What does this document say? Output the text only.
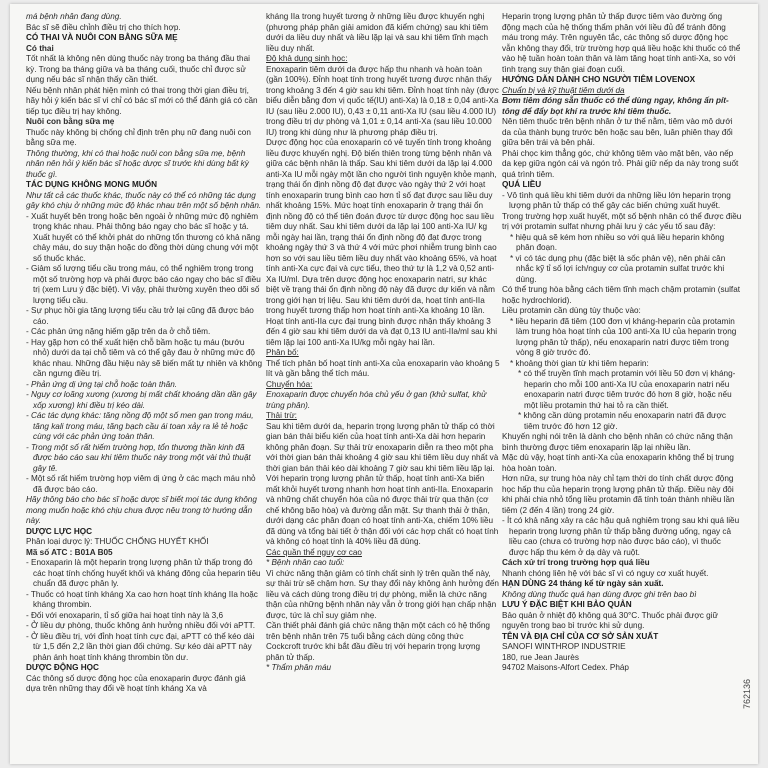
má bệnh nhân đang dùng.

Bác sĩ sẽ điều chỉnh điều trị cho thích hợp.

CÓ THAI VÀ NUÔI CON BẰNG SỮA MẸ

Có thai

Tốt nhất là không nên dùng thuốc này trong ba tháng đầu thai kỳ. Trong ba tháng giữa và ba tháng cuối, thuốc chỉ được sử dụng nếu bác sĩ nhận thấy cần thiết.

Nếu bệnh nhân phát hiện mình có thai trong thời gian điều trị, hãy hỏi ý kiến bác sĩ vì chỉ có bác sĩ mới có thể đánh giá có cần tiếp tục điều trị hay không.

Nuôi con bằng sữa mẹ

Thuốc này không bị chống chỉ định trên phụ nữ đang nuôi con bằng sữa mẹ.

Thông thường, khi có thai hoặc nuôi con bằng sữa mẹ, bệnh nhân nên hỏi ý kiến bác sĩ hoặc dược sĩ trước khi dùng bất kỳ thuốc gì.

TÁC DỤNG KHÔNG MONG MUỐN

Như tất cả các thuốc khác, thuốc này có thể có những tác dụng gây khó chịu ở những mức độ khác nhau trên một số bệnh nhân.

- Xuất huyết bên trong hoặc bên ngoài ở những mức độ nghiêm trọng khác nhau. Phải thông báo ngay cho bác sĩ hoặc y tá. Xuất huyết có thể khởi phát do những tổn thương có khả năng chảy máu, do suy thận hoặc do đồng thời dùng chung với một số thuốc khác.

- Giảm số lượng tiểu cầu trong máu, có thể nghiêm trọng trong một số trường hợp và phải được báo cáo ngay cho bác sĩ điều trị (xem Lưu ý đặc biệt). Vì vậy, phải thường xuyên theo dõi số lượng tiểu cầu.

- Sự phục hồi gia tăng lượng tiểu cầu trở lại cũng đã được báo cáo.

- Các phản ứng nặng hiếm gặp trên da ở chỗ tiêm.

- Hay gặp hơn có thể xuất hiện chỗ bầm hoặc tụ máu (bướu nhỏ) dưới da tại chỗ tiêm và có thể gây đau ở những mức độ khác nhau. Những đầu hiệu này sẽ biến mất tự nhiên và không cần ngưng điều trị.

- Phản ứng dị ứng tại chỗ hoặc toàn thân.

- Nguy cơ loãng xương (xương bị mất chất khoáng dần dần gây xốp xương) khi điều trị kéo dài.

- Các tác dụng khác: tăng nồng độ một số men gan trong máu, tăng kali trong máu, tăng bạch cầu ái toan xảy ra lẻ tẻ hoặc cùng với các phản ứng toàn thân.

- Trong một số rất hiếm trường hợp, tổn thương thần kinh đã được báo cáo sau khi tiêm thuốc này trong một vài thủ thuật gây tê.

- Một số rất hiếm trường hợp viêm dị ứng ở các mạch máu nhỏ đã được báo cáo.

Hãy thông báo cho bác sĩ hoặc dược sĩ biết mọi tác dụng không mong muốn hoặc khó chịu chưa được nêu trong tờ hướng dẫn này.

DƯỢC LỰC HỌC

Phân loại dược lý: THUỐC CHỐNG HUYẾT KHỐI

Mã số ATC : B01A B05

- Enoxaparin là một heparin trọng lượng phân tử thấp trong đó các hoạt tính chống huyết khối và kháng đông của heparin tiêu chuẩn đã được phân ly.

- Thuốc có hoạt tính kháng Xa cao hơn hoạt tính kháng IIa hoặc kháng thrombin.

- Đối với enoxaparin, tỉ số giữa hai hoạt tính này là 3,6

- Ở liều dự phòng, thuốc không ảnh hưởng nhiều đối với aPTT.

- Ở liều điều trị, với đỉnh hoạt tính cực đại, aPTT có thể kéo dài từ 1,5 đến 2,2 lần thời gian đối chứng. Sự kéo dài aPTT này phản ánh hoạt tính kháng thrombin tồn dư.

DƯỢC ĐỘNG HỌC

Các thông số dược động học của enoxaparin được đánh giá dựa trên những thay đổi về hoạt tính kháng Xa và

kháng IIa trong huyết tương ở những liều được khuyến nghị (phương pháp phân giải amidon đã kiểm chứng) sau khi tiêm dưới da liều duy nhất và liều lặp lại và sau khi tiêm tĩnh mạch liều duy nhất.

Độ khả dụng sinh học:

Enoxaparin tiêm dưới da được hấp thu nhanh và hoàn toàn (gần 100%). Đỉnh hoạt tính trong huyết tương được nhận thấy trong khoảng 3 đến 4 giờ sau khi tiêm. Đỉnh hoạt tính này (được biểu diễn bằng đơn vị quốc tế(IU) anti-Xa) là 0,18 ± 0,04 anti-Xa IU (sau liều 2.000 IU), 0,43 ± 0,11 anti-Xa IU (sau liều 4.000 IU) trong điều trị dự phòng và 1,01 ± 0,14 anti-Xa (sau liều 10.000 IU) trong khi dùng như là phương pháp điều trị.

Dược động học của enoxaparin có vẻ tuyến tính trong khoảng liều được khuyến nghị. Độ biến thiên trong từng bệnh nhân và giữa các bệnh nhân là thấp. Sau khi tiêm dưới da lặp lại 4.000 anti-Xa IU mỗi ngày một lần cho người tình nguyện khỏe mạnh, trạng thái ổn định nồng độ đạt được vào ngày thứ 2 với hoạt tính enoxaparin trung bình cao hơn tỉ số đạt được sau liều duy nhất khoảng 15%. Mức hoạt tính enoxaparin ở trạng thái ổn định nồng độ có thể tiên đoán được từ dược động học sau liều tiêm duy nhất. Sau khi tiêm dưới da lặp lại 100 anti-Xa IU/ kg mỗi ngày hai lần, trạng thái ổn định nồng độ đạt được trong khoảng ngày thứ 3 và thứ 4 với mức phơi nhiễm trung bình cao hơn so với sau liều tiêm liều duy nhất vào khoảng 65%, và hoạt tính anti-Xa cực đại và cực tiểu, theo thứ tự là 1,2 và 0,52 anti-Xa IU/ml. Dựa trên dược động học enoxaparin natri, sự khác biệt về trạng thái ổn định nồng độ này đã được dự kiến và nằm trong giới hạn trị liệu. Sau khi tiêm dưới da, hoạt tính anti-IIa trong huyết tương thấp hơn hoạt tính anti-Xa khoảng 10 lần. Hoạt tính anti-IIa cực đại trung bình được nhận thấy khoảng 3 đến 4 giờ sau khi tiêm dưới da và đạt 0,13 IU anti-IIa/ml sau khi tiêm lặp lại 100 anti-Xa IU/kg mỗi ngày hai lần.

Phân bố:

Thể tích phân bố hoạt tính anti-Xa của enoxaparin vào khoảng 5 lít và gần bằng thể tích máu.

Chuyển hóa:

Enoxaparin được chuyển hóa chủ yếu ở gan (khử sulfat, khử trùng phân).

Thải trừ:

Sau khi tiêm dưới da, heparin trọng lượng phân tử thấp có thời gian bán thải biểu kiến của hoạt tính anti-Xa dài hơn heparin không phân đoạn. Sự thải trừ enoxaparin diễn ra theo một pha với thời gian bán thải khoảng 4 giờ sau khi tiêm liều duy nhất và thời gian bán thải kéo dài khoảng 7 giờ sau khi tiêm liều lặp lại. Với heparin trọng lượng phân tử thấp, hoạt tính anti-Xa biến mất khỏi huyết tương nhanh hơn hoạt tính anti-IIa. Enoxaparin và những chất chuyển hóa của nó được thải trừ qua thận (cơ chế không bão hòa) và đường dẫn mật. Sự thanh thải ở thận, dưới dạng các phân đoạn có hoạt tính anti-Xa, chiếm 10% liều đã dùng và tổng bài tiết ở thận đối với các hợp chất có hoạt tính và không có hoạt tính là 40% liều đã dùng.

Các quần thể nguy cơ cao

* Bệnh nhân cao tuổi:

Vì chức năng thận giảm có tính chất sinh lý trên quần thể này, sự thải trừ sẽ chậm hơn. Sự thay đổi này không ảnh hưởng đến liều và cách dùng trong điều trị dự phòng, miễn là chức năng thận của những bệnh nhân này vẫn ở trong giới hạn chấp nhận được, tức là chỉ suy giảm nhẹ.

Cần thiết phải đánh giá chức năng thận một cách có hệ thống trên bệnh nhân trên 75 tuổi bằng cách dùng công thức Cockcroft trước khi bắt đầu điều trị với heparin trọng lượng phân tử thấp.

* Thẩm phân máu

Heparin trọng lượng phân tử thấp được tiêm vào đường ống động mạch của hệ thống thẩm phân với liều đủ để tránh đông máu trong máy. Trên nguyên tắc, các thông số dược động học vẫn không thay đổi, trừ trường hợp quá liều hoặc khi thuốc có thể vào hệ tuần hoàn toàn thân và làm tăng hoạt tính anti-Xa, so với tình trạng suy thận giai đoạn cuối.

HƯỚNG DẪN DÀNH CHO NGƯỜI TIÊM LOVENOX

Chuẩn bị và kỹ thuật tiêm dưới da

Bơm tiêm đóng sẵn thuốc có thể dùng ngay, không ấn pít-tông để đẩy bọt khí ra trước khi tiêm thuốc.

Nên tiêm thuốc trên bệnh nhân ở tư thế nằm, tiêm vào mô dưới da của thành bụng trước bên hoặc sau bên, luân phiên thay đổi giữa bên trái và bên phải.

Phải chọc kim thẳng góc, chứ không tiêm vào mặt bên, vào nếp da kẹp giữa ngón cái và ngón trỏ. Phải giữ nếp da này trong suốt quá trình tiêm.

QUÁ LIỀU

- Vô tình quá liều khi tiêm dưới da những liều lớn heparin trọng lượng phân tử thấp có thể gây các biến chứng xuất huyết.

Trong trường hợp xuất huyết, một số bệnh nhân có thể được điều trị với protamin sulfat nhưng phải lưu ý các yếu tố sau đây:

* hiệu quả sẽ kém hơn nhiều so với quá liều heparin không phân đoạn.

* vì có tác dụng phụ (đặc biệt là sốc phản vệ), nên phải cân nhắc kỹ tỉ số lợi ích/nguy cơ của protamin sulfat trước khi dùng.

Có thể trung hòa bằng cách tiêm tĩnh mạch chậm protamin (sulfat hoặc hydrochlorid).

Liều protamin cần dùng tùy thuộc vào:

* liều heparin đã tiêm (100 đơn vị kháng-heparin của protamin làm trung hòa hoạt tính của 100 anti-Xa IU của heparin trọng lượng phân tử thấp), nếu enoxaparin natri được tiêm trong vòng 8 giờ trước đó.

* khoảng thời gian từ khi tiêm heparin:

* có thể truyền tĩnh mạch protamin với liều 50 đơn vị kháng-heparin cho mỗi 100 anti-Xa IU của enoxaparin natri nếu enoxaparin natri được tiêm trước đó hơn 8 giờ, hoặc nếu một liều protamin thứ hai tỏ ra cần thiết.

* không cần dùng protamin nếu enoxaparin natri đã được tiêm trước đó hơn 12 giờ.

Khuyến nghị nói trên là dành cho bệnh nhân có chức năng thận bình thường được tiêm enoxaparin lặp lại nhiều lần.

Mặc dù vậy, hoạt tính anti-Xa của enoxaparin không thể bị trung hòa hoàn toàn.

Hơn nữa, sự trung hòa này chỉ tạm thời do tính chất dược động học hấp thu của heparin trọng lượng phân tử thấp. Điều này đôi khi phải chia nhỏ tổng liều protamin đã tính toán thành nhiều lần tiêm (2 đến 4 lần) trong 24 giờ.

- Ít có khả năng xảy ra các hậu quả nghiêm trọng sau khi quá liều heparin trọng lượng phân tử thấp bằng đường uống, ngay cả liều cao (chưa có trường hợp nào được báo cáo), vì thuốc được hấp thu kém ở dạ dày và ruột.

Cách xử trí trong trường hợp quá liều

Nhanh chóng liên hệ với bác sĩ vì có nguy cơ xuất huyết.

HẠN DÙNG 24 tháng kể từ ngày sản xuất.

Không dùng thuốc quá hạn dùng được ghi trên bao bì

LƯU Ý ĐẶC BIỆT KHI BẢO QUẢN

Bảo quản ở nhiệt độ không quá 30°C. Thuốc phải được giữ nguyên trong bao bì trước khi sử dụng.

TÊN VÀ ĐỊA CHỈ CỦA CƠ SỞ SẢN XUẤT

SANOFI WINTHROP INDUSTRIE

180, rue Jean Jaurès

94702 Maisons-Alfort Cedex. Pháp

762136
